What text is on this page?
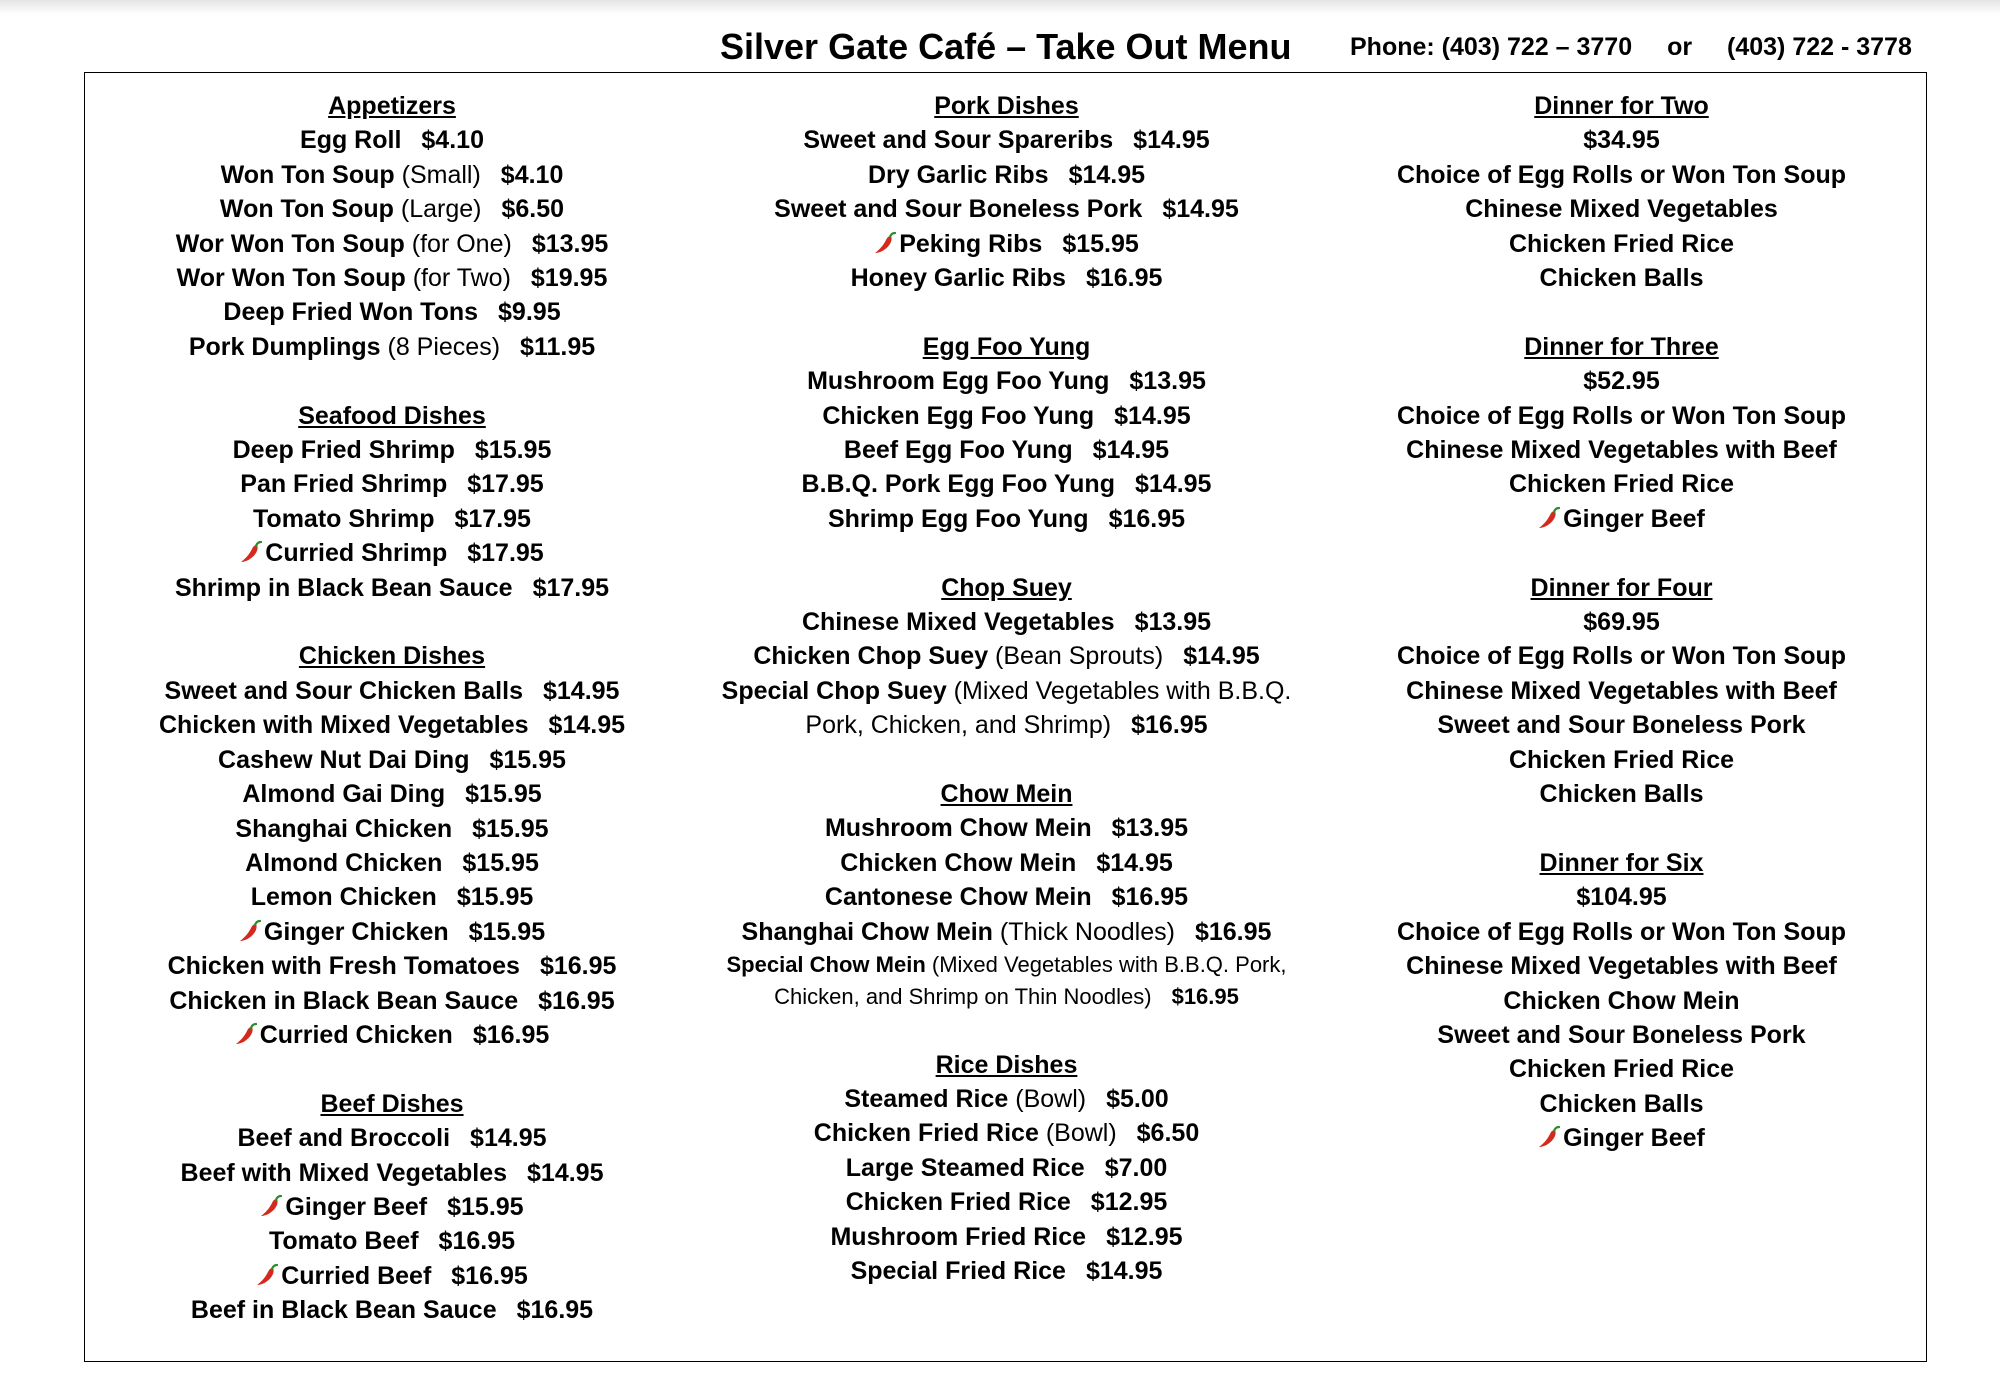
Silver Gate Café – Take Out Menu Phone: (403) 722 – 3770 or (403) 722 - 3778
Appetizers
Egg Roll $4.10
Won Ton Soup (Small) $4.10
Won Ton Soup (Large) $6.50
Wor Won Ton Soup (for One) $13.95
Wor Won Ton Soup (for Two) $19.95
Deep Fried Won Tons $9.95
Pork Dumplings (8 Pieces) $11.95
Seafood Dishes
Deep Fried Shrimp $15.95
Pan Fried Shrimp $17.95
Tomato Shrimp $17.95
Curried Shrimp $17.95
Shrimp in Black Bean Sauce $17.95
Chicken Dishes
Sweet and Sour Chicken Balls $14.95
Chicken with Mixed Vegetables $14.95
Cashew Nut Dai Ding $15.95
Almond Gai Ding $15.95
Shanghai Chicken $15.95
Almond Chicken $15.95
Lemon Chicken $15.95
Ginger Chicken $15.95
Chicken with Fresh Tomatoes $16.95
Chicken in Black Bean Sauce $16.95
Curried Chicken $16.95
Beef Dishes
Beef and Broccoli $14.95
Beef with Mixed Vegetables $14.95
Ginger Beef $15.95
Tomato Beef $16.95
Curried Beef $16.95
Beef in Black Bean Sauce $16.95
Pork Dishes
Sweet and Sour Spareribs $14.95
Dry Garlic Ribs $14.95
Sweet and Sour Boneless Pork $14.95
Peking Ribs $15.95
Honey Garlic Ribs $16.95
Egg Foo Yung
Mushroom Egg Foo Yung $13.95
Chicken Egg Foo Yung $14.95
Beef Egg Foo Yung $14.95
B.B.Q. Pork Egg Foo Yung $14.95
Shrimp Egg Foo Yung $16.95
Chop Suey
Chinese Mixed Vegetables $13.95
Chicken Chop Suey (Bean Sprouts) $14.95
Special Chop Suey (Mixed Vegetables with B.B.Q. Pork, Chicken, and Shrimp) $16.95
Chow Mein
Mushroom Chow Mein $13.95
Chicken Chow Mein $14.95
Cantonese Chow Mein $16.95
Shanghai Chow Mein (Thick Noodles) $16.95
Special Chow Mein (Mixed Vegetables with B.B.Q. Pork, Chicken, and Shrimp on Thin Noodles) $16.95
Rice Dishes
Steamed Rice (Bowl) $5.00
Chicken Fried Rice (Bowl) $6.50
Large Steamed Rice $7.00
Chicken Fried Rice $12.95
Mushroom Fried Rice $12.95
Special Fried Rice $14.95
Dinner for Two
$34.95
Choice of Egg Rolls or Won Ton Soup
Chinese Mixed Vegetables
Chicken Fried Rice
Chicken Balls
Dinner for Three
$52.95
Choice of Egg Rolls or Won Ton Soup
Chinese Mixed Vegetables with Beef
Chicken Fried Rice
Ginger Beef
Dinner for Four
$69.95
Choice of Egg Rolls or Won Ton Soup
Chinese Mixed Vegetables with Beef
Sweet and Sour Boneless Pork
Chicken Fried Rice
Chicken Balls
Dinner for Six
$104.95
Choice of Egg Rolls or Won Ton Soup
Chinese Mixed Vegetables with Beef
Chicken Chow Mein
Sweet and Sour Boneless Pork
Chicken Fried Rice
Chicken Balls
Ginger Beef
